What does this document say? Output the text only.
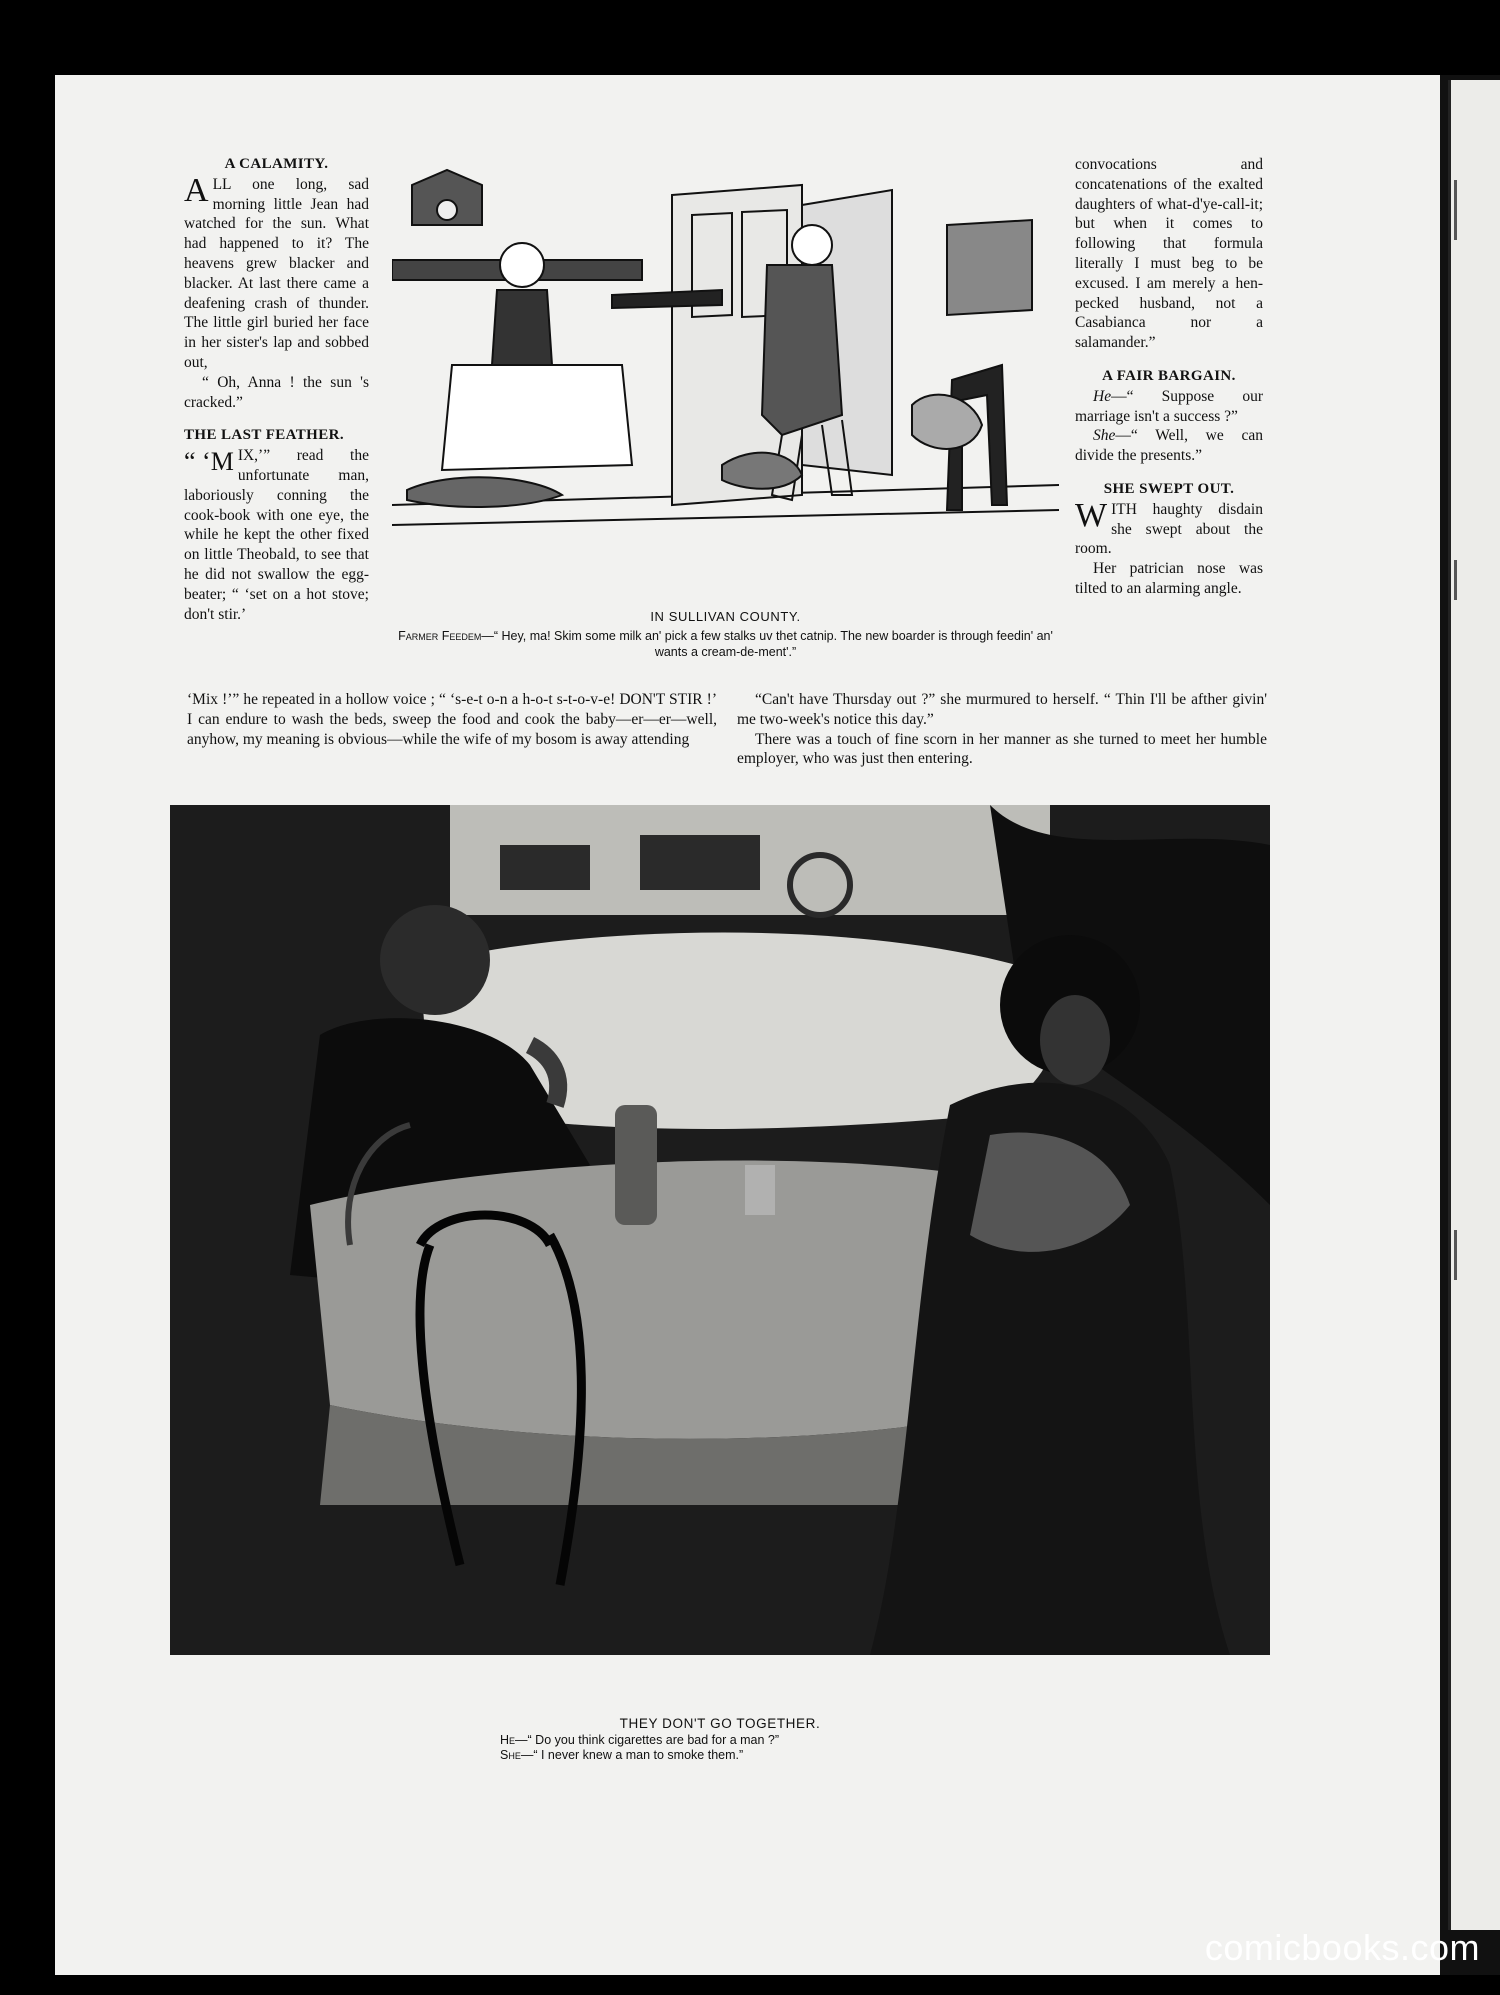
A CALAMITY.

ALL one long, sad morning little Jean had watched for the sun. What had happened to it? The heavens grew blacker and blacker. At last there came a deafening crash of thunder. The little girl buried her face in her sister's lap and sobbed out,

“ Oh, Anna ! the sun 's cracked.”

THE LAST FEATHER.

“ ‘M IX,’” read the unfortunate man, laboriously conning the cook-book with one eye, the while he kept the other fixed on little Theobald, to see that he did not swallow the egg-beater; “ ‘set on a hot stove; don't stir.’	IN SULLIVAN COUNTY.
Farmer Feedem—“ Hey, ma! Skim some milk an' pick a few stalks uv thet catnip. The new boarder is through feedin' an' wants a cream-de-ment'.”

convocations and concatenations of the exalted daughters of what-d'ye-call-it; but when it comes to following that formula literally I must beg to be excused. I am merely a hen-pecked husband, not a Casabianca nor a salamander.”

A FAIR BARGAIN.

He—“ Suppose our marriage isn't a success ?”

She—“ Well, we can divide the presents.”

SHE SWEPT OUT.

WITH haughty disdain she swept about the room.

Her patrician nose was tilted to an alarming angle.

‘Mix !’” he repeated in a hollow voice ; “ ‘s-e-t o-n a h-o-t s-t-o-v-e! DON'T STIR !’ I can endure to wash the beds, sweep the food and cook the baby—er—er—well, anyhow, my meaning is obvious—while the wife of my bosom is away attending

“Can't have Thursday out ?” she murmured to herself. “ Thin I'll be afther givin' me two-week's notice this day.”

There was a touch of fine scorn in her manner as she turned to meet her humble employer, who was just then entering.

THEY DON'T GO TOGETHER.
He—“ Do you think cigarettes are bad for a man ?”
She—“ I never knew a man to smoke them.”
comicbooks.com
